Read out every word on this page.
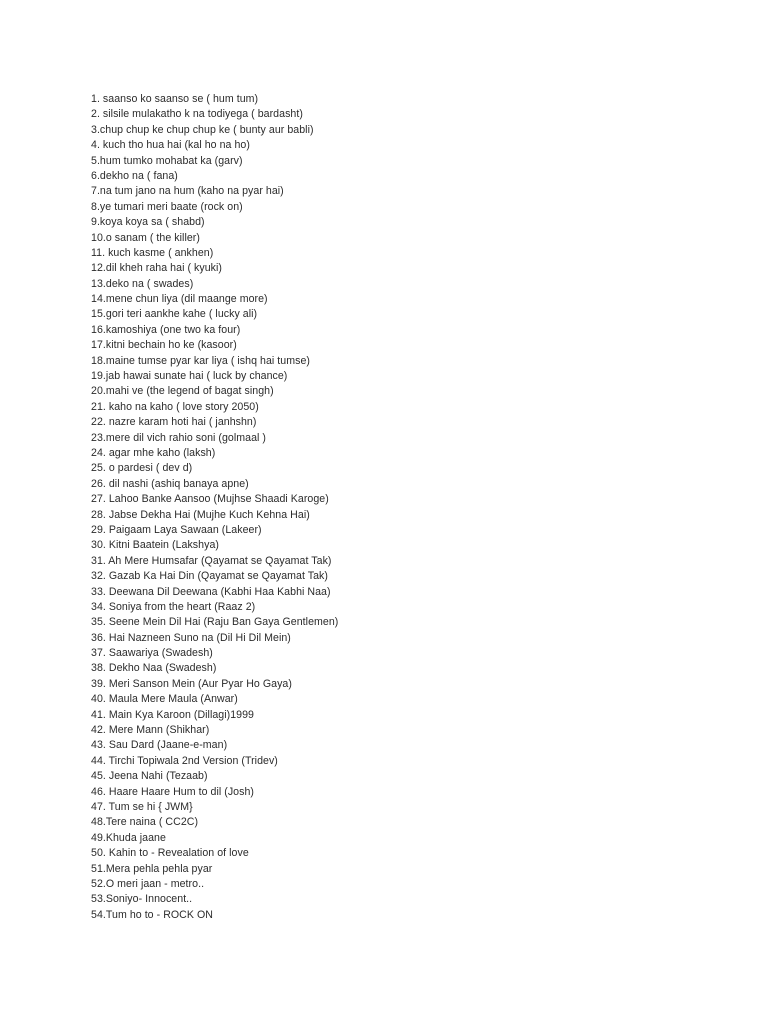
1. saanso ko saanso se ( hum tum)
2. silsile mulakatho k na todiyega ( bardasht)
3.chup chup ke chup chup ke ( bunty aur babli)
4. kuch tho hua hai (kal ho na ho)
5.hum tumko mohabat ka (garv)
6.dekho na ( fana)
7.na tum jano na hum (kaho na pyar hai)
8.ye tumari meri baate (rock on)
9.koya koya sa ( shabd)
10.o sanam ( the killer)
11. kuch kasme ( ankhen)
12.dil kheh raha hai ( kyuki)
13.deko na ( swades)
14.mene chun liya (dil maange more)
15.gori teri aankhe kahe ( lucky ali)
16.kamoshiya (one two ka four)
17.kitni bechain ho ke (kasoor)
18.maine tumse pyar kar liya ( ishq hai tumse)
19.jab hawai sunate hai ( luck by chance)
20.mahi ve (the legend of bagat singh)
21. kaho na kaho ( love story 2050)
22. nazre karam hoti hai ( janhshn)
23.mere dil vich rahio soni (golmaal )
24. agar mhe kaho (laksh)
25. o pardesi ( dev d)
26. dil nashi (ashiq banaya apne)
27. Lahoo Banke Aansoo (Mujhse Shaadi Karoge)
28. Jabse Dekha Hai (Mujhe Kuch Kehna Hai)
29. Paigaam Laya Sawaan (Lakeer)
30. Kitni Baatein (Lakshya)
31. Ah Mere Humsafar (Qayamat se Qayamat Tak)
32. Gazab Ka Hai Din (Qayamat se Qayamat Tak)
33. Deewana Dil Deewana (Kabhi Haa Kabhi Naa)
34. Soniya from the heart (Raaz 2)
35. Seene Mein Dil Hai (Raju Ban Gaya Gentlemen)
36. Hai Nazneen Suno na (Dil Hi Dil Mein)
37. Saawariya (Swadesh)
38. Dekho Naa (Swadesh)
39. Meri Sanson Mein (Aur Pyar Ho Gaya)
40. Maula Mere Maula (Anwar)
41. Main Kya Karoon (Dillagi)1999
42. Mere Mann (Shikhar)
43. Sau Dard (Jaane-e-man)
44. Tirchi Topiwala 2nd Version (Tridev)
45. Jeena Nahi (Tezaab)
46. Haare Haare Hum to dil (Josh)
47. Tum se hi { JWM}
48.Tere naina ( CC2C)
49.Khuda jaane
50. Kahin to - Revealation of love
51.Mera pehla pehla pyar
52.O meri jaan - metro..
53.Soniyo- Innocent..
54.Tum ho to - ROCK ON
